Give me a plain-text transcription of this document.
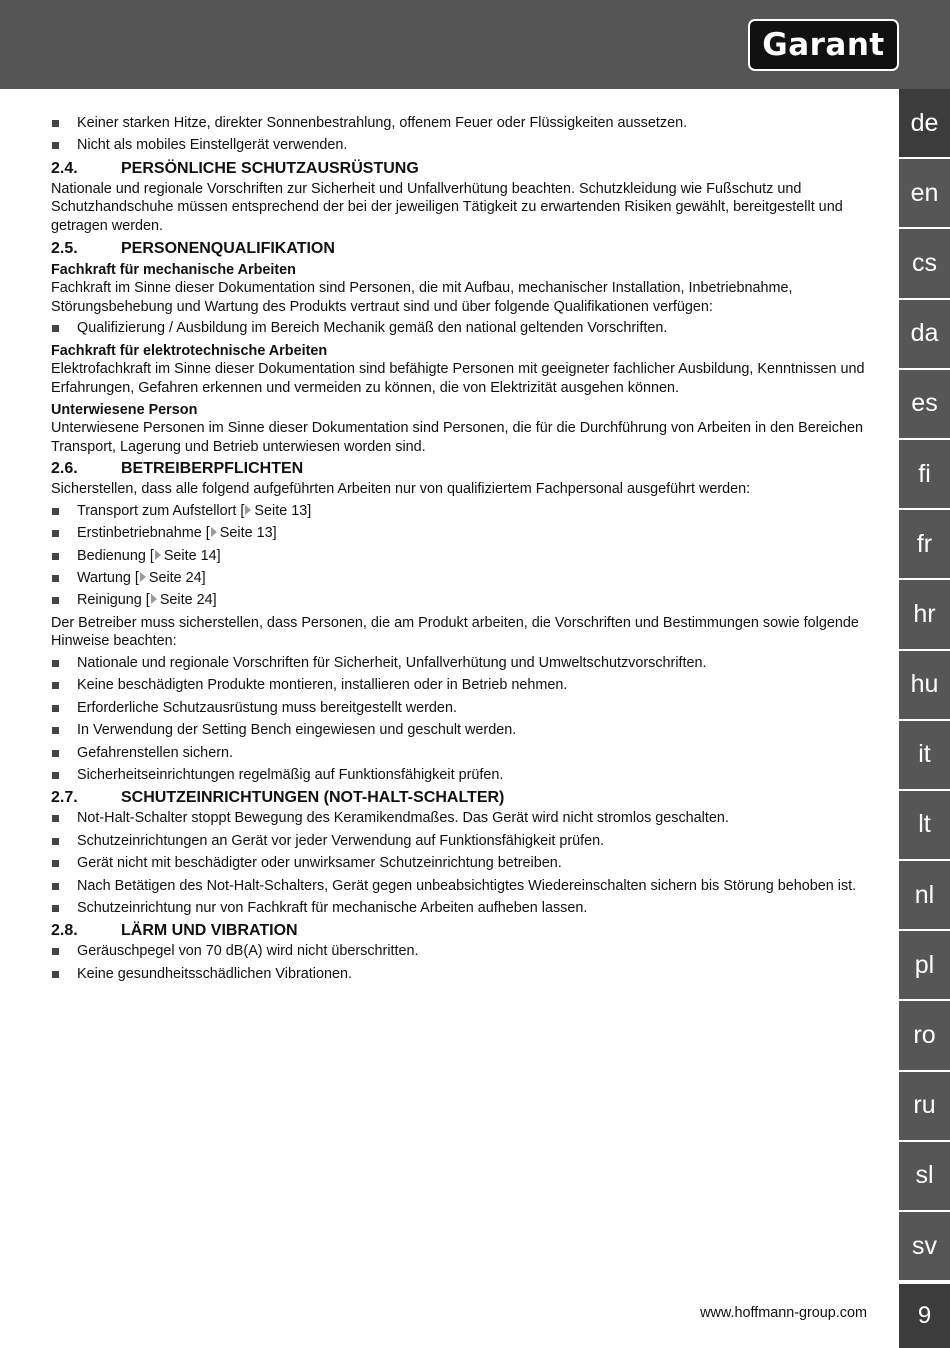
Garant
de
en
cs
da
es
fi
fr
hr
hu
it
lt
nl
pl
ro
ru
sl
sv
Keiner starken Hitze, direkter Sonnenbestrahlung, offenem Feuer oder Flüssigkeiten aussetzen.
Nicht als mobiles Einstellgerät verwenden.
2.4.	PERSÖNLICHE SCHUTZAUSRÜSTUNG

Nationale und regionale Vorschriften zur Sicherheit und Unfallverhütung beachten. Schutzkleidung wie Fußschutz und Schutzhandschuhe müssen entsprechend der bei der jeweiligen Tätigkeit zu erwartenden Risiken gewählt, bereitgestellt und getragen werden.

2.5.	PERSONENQUALIFIKATION
Fachkraft für mechanische Arbeiten

Fachkraft im Sinne dieser Dokumentation sind Personen, die mit Aufbau, mechanischer Installation, Inbetriebnahme, Störungsbehebung und Wartung des Produkts vertraut sind und über folgende Qualifikationen verfügen:

Qualifizierung / Ausbildung im Bereich Mechanik gemäß den national geltenden Vorschriften.
Fachkraft für elektrotechnische Arbeiten

Elektrofachkraft im Sinne dieser Dokumentation sind befähigte Personen mit geeigneter fachlicher Ausbildung, Kenntnissen und Erfahrungen, Gefahren erkennen und vermeiden zu können, die von Elektrizität ausgehen können.

Unterwiesene Person

Unterwiesene Personen im Sinne dieser Dokumentation sind Personen, die für die Durchführung von Arbeiten in den Bereichen Transport, Lagerung und Betrieb unterwiesen worden sind.

2.6.	BETREIBERPFLICHTEN

Sicherstellen, dass alle folgend aufgeführten Arbeiten nur von qualifiziertem Fachpersonal ausgeführt werden:

Transport zum Aufstellort [ Seite 13]
Erstinbetriebnahme [ Seite 13]
Bedienung [ Seite 14]
Wartung [ Seite 24]
Reinigung [ Seite 24]

Der Betreiber muss sicherstellen, dass Personen, die am Produkt arbeiten, die Vorschriften und Bestimmungen sowie folgende Hinweise beachten:

Nationale und regionale Vorschriften für Sicherheit, Unfallverhütung und Umweltschutzvorschriften.
Keine beschädigten Produkte montieren, installieren oder in Betrieb nehmen.
Erforderliche Schutzausrüstung muss bereitgestellt werden.
In Verwendung der Setting Bench eingewiesen und geschult werden.
Gefahrenstellen sichern.
Sicherheitseinrichtungen regelmäßig auf Funktionsfähigkeit prüfen.
2.7.	SCHUTZEINRICHTUNGEN (NOT-HALT-SCHALTER)
Not-Halt-Schalter stoppt Bewegung des Keramikendmaßes. Das Gerät wird nicht stromlos geschalten.
Schutzeinrichtungen an Gerät vor jeder Verwendung auf Funktionsfähigkeit prüfen.
Gerät nicht mit beschädigter oder unwirksamer Schutzeinrichtung betreiben.
Nach Betätigen des Not-Halt-Schalters, Gerät gegen unbeabsichtigtes Wiedereinschalten sichern bis Störung behoben ist.
Schutzeinrichtung nur von Fachkraft für mechanische Arbeiten aufheben lassen.
2.8.	LÄRM UND VIBRATION
Geräuschpegel von 70 dB(A) wird nicht überschritten.
Keine gesundheitsschädlichen Vibrationen.
www.hoffmann-group.com	9
